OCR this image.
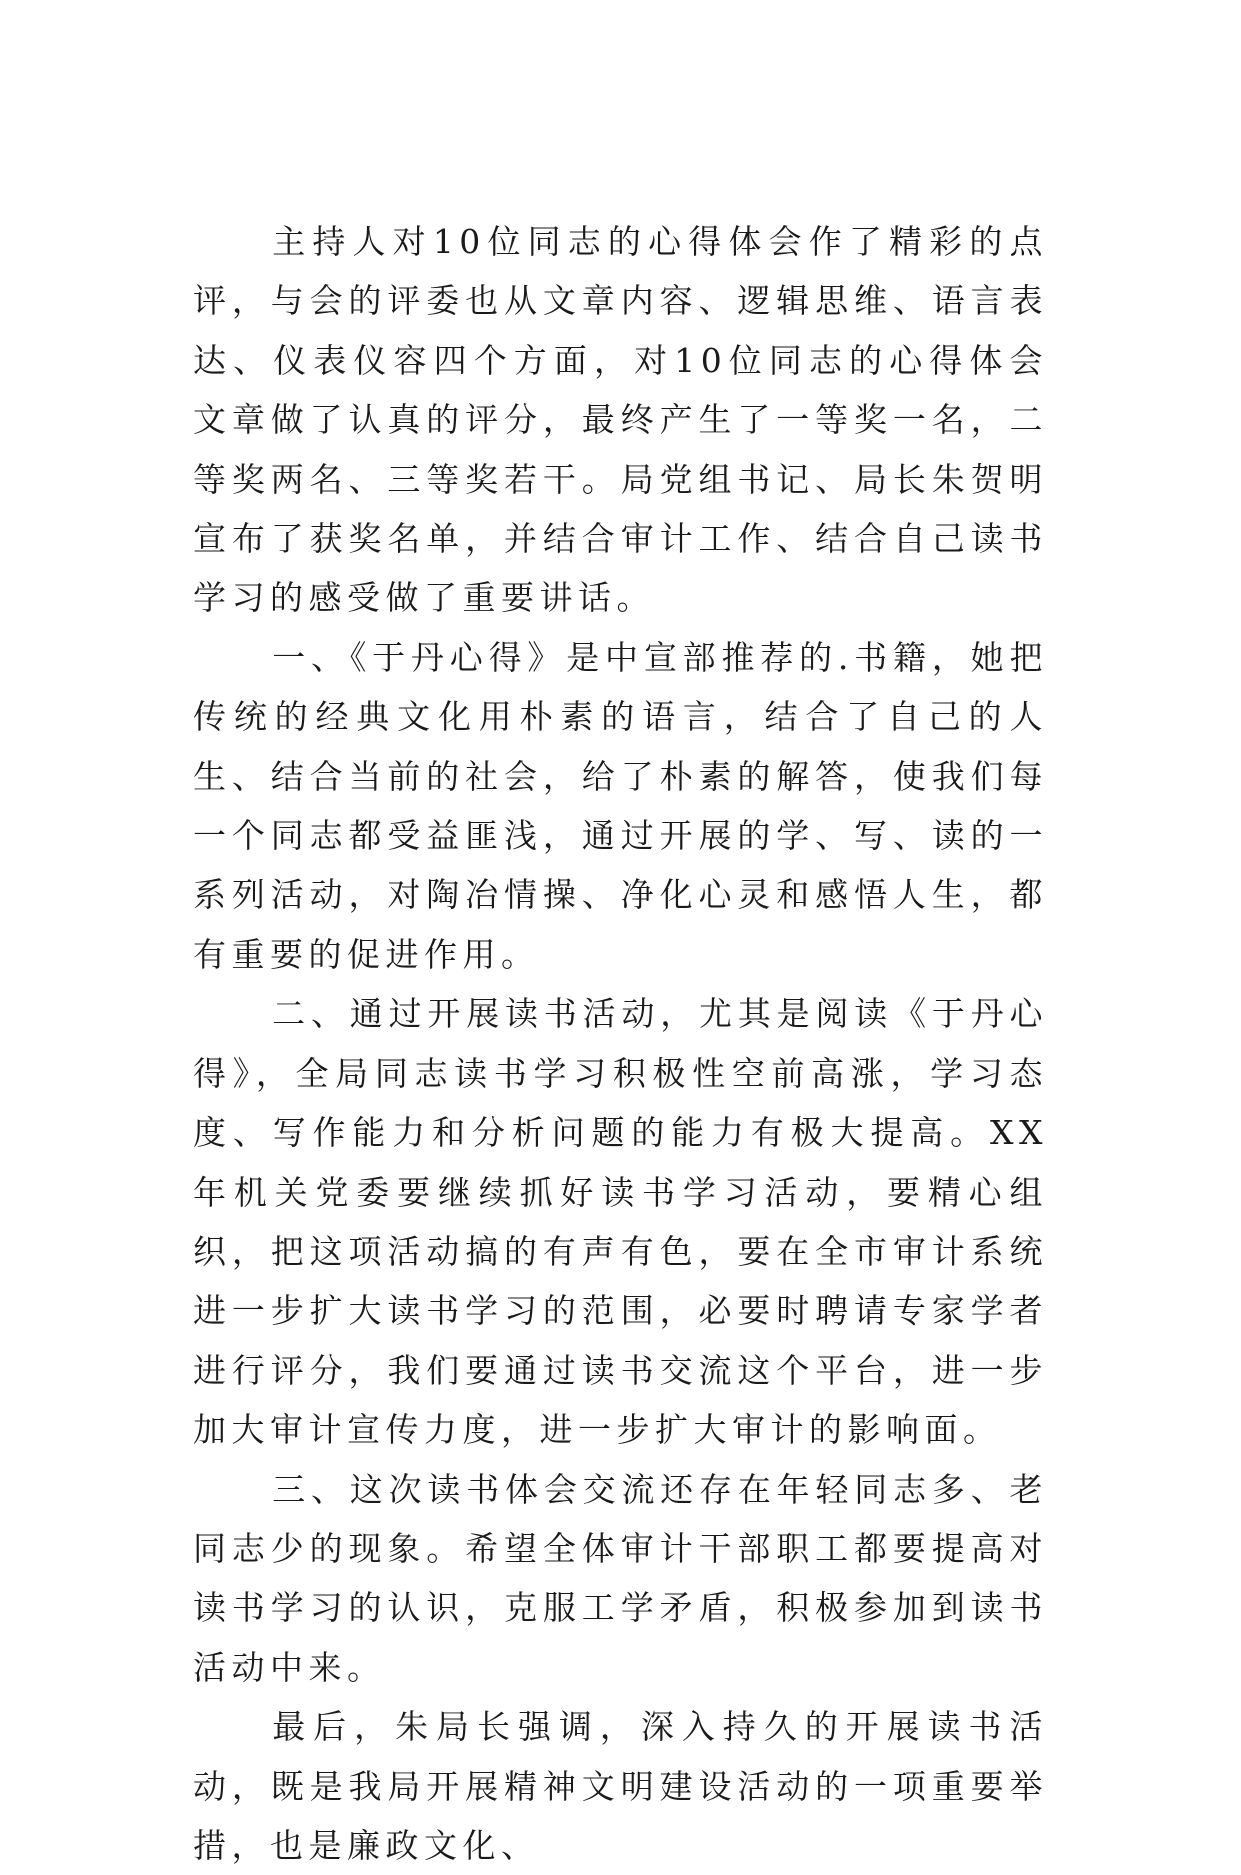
主持人对10位同志的心得体会作了精彩的点评，与会的评委也从文章内容、逻辑思维、语言表达、仪表仪容四个方面，对10位同志的心得体会文章做了认真的评分，最终产生了一等奖一名，二等奖两名、三等奖若干。局党组书记、局长朱贺明宣布了获奖名单，并结合审计工作、结合自己读书学习的感受做了重要讲话。

一、《于丹心得》是中宣部推荐的.书籍，她把传统的经典文化用朴素的语言，结合了自己的人生、结合当前的社会，给了朴素的解答，使我们每一个同志都受益匪浅，通过开展的学、写、读的一系列活动，对陶冶情操、净化心灵和感悟人生，都有重要的促进作用。

二、通过开展读书活动，尤其是阅读《于丹心得》，全局同志读书学习积极性空前高涨，学习态度、写作能力和分析问题的能力有极大提高。XX年机关党委要继续抓好读书学习活动，要精心组织，把这项活动搞的有声有色，要在全市审计系统进一步扩大读书学习的范围，必要时聘请专家学者进行评分，我们要通过读书交流这个平台，进一步加大审计宣传力度，进一步扩大审计的影响面。

三、这次读书体会交流还存在年轻同志多、老同志少的现象。希望全体审计干部职工都要提高对读书学习的认识，克服工学矛盾，积极参加到读书活动中来。

最后，朱局长强调，深入持久的开展读书活动，既是我局开展精神文明建设活动的一项重要举措，也是廉政文化、
